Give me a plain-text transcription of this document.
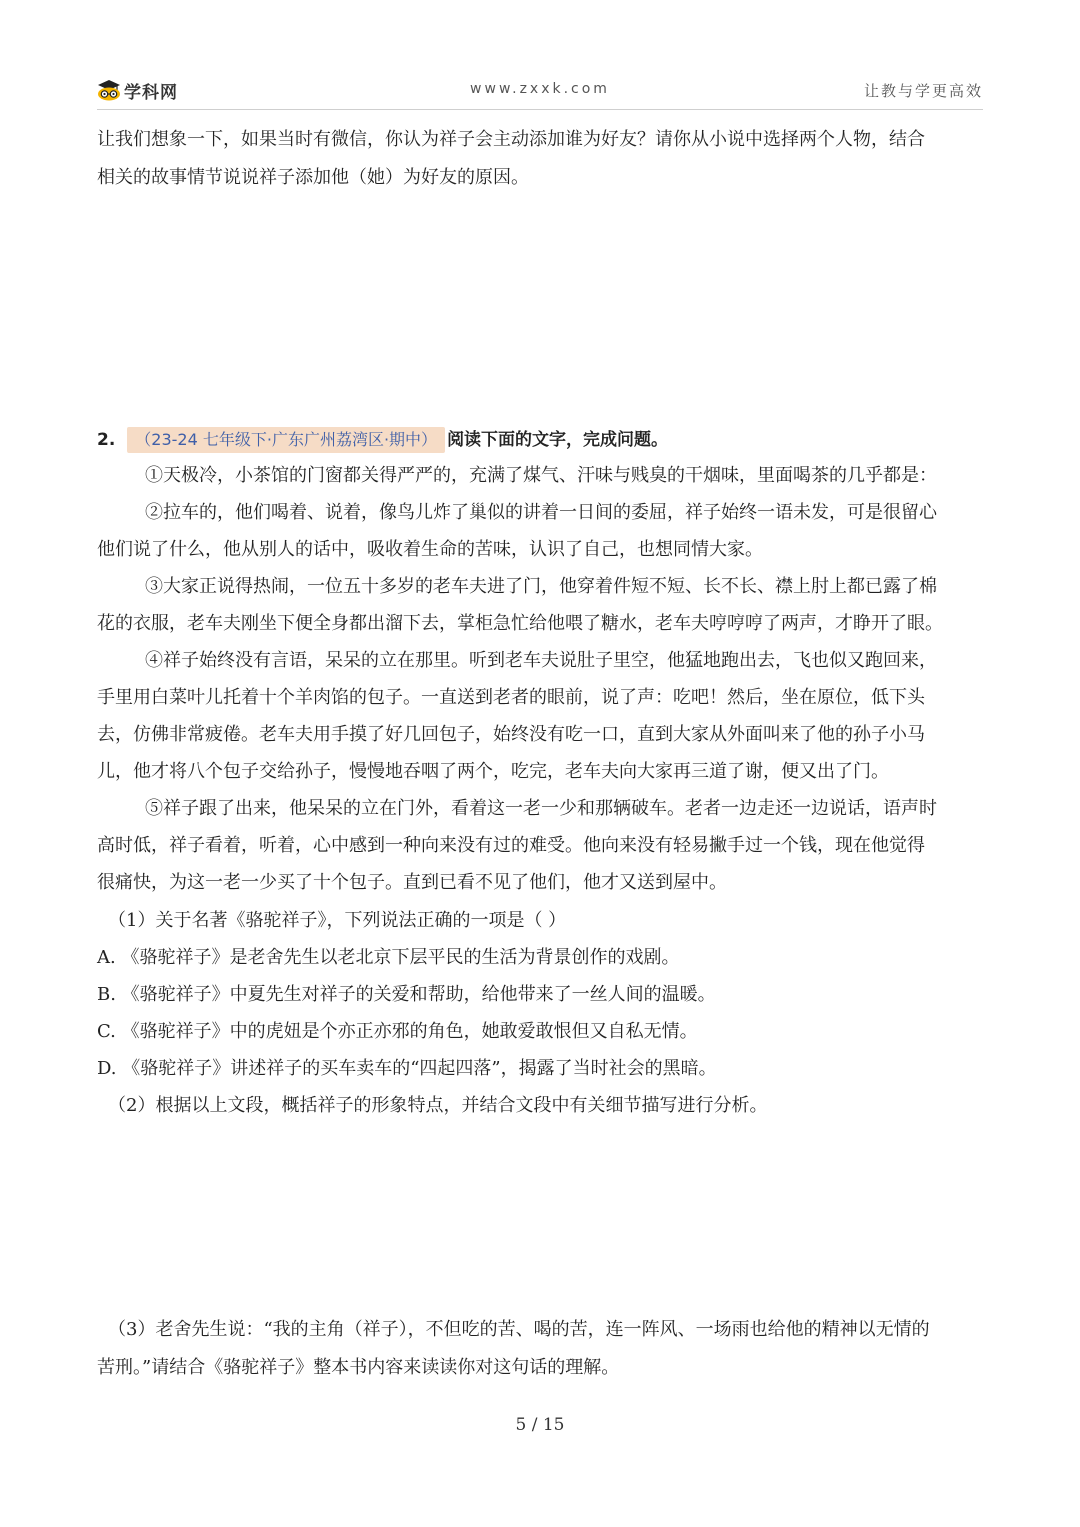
学科网	www.zxxk.com	让教与学更高效
让我们想象一下，如果当时有微信，你认为祥子会主动添加谁为好友？请你从小说中选择两个人物，结合
相关的故事情节说说祥子添加他（她）为好友的原因。
2. （23-24 七年级下·广东广州荔湾区·期中） 阅读下面的文字，完成问题。
①天极冷，小茶馆的门窗都关得严严的，充满了煤气、汗味与贱臭的干烟味，里面喝茶的几乎都是：
②拉车的，他们喝着、说着，像鸟儿炸了巢似的讲着一日间的委屈，祥子始终一语未发，可是很留心
他们说了什么，他从别人的话中，吸收着生命的苦味，认识了自己，也想同情大家。
③大家正说得热闹，一位五十多岁的老车夫进了门，他穿着件短不短、长不长、襟上肘上都已露了棉
花的衣服，老车夫刚坐下便全身都出溜下去，掌柜急忙给他喂了糖水，老车夫哼哼哼了两声，才睁开了眼。
④祥子始终没有言语，呆呆的立在那里。听到老车夫说肚子里空，他猛地跑出去，飞也似又跑回来，
手里用白菜叶儿托着十个羊肉馅的包子。一直送到老者的眼前，说了声：吃吧！然后，坐在原位，低下头
去，仿佛非常疲倦。老车夫用手摸了好几回包子，始终没有吃一口，直到大家从外面叫来了他的孙子小马
儿，他才将八个包子交给孙子，慢慢地吞咽了两个，吃完，老车夫向大家再三道了谢，便又出了门。
⑤祥子跟了出来，他呆呆的立在门外，看着这一老一少和那辆破车。老者一边走还一边说话，语声时
高时低，祥子看着，听着，心中感到一种向来没有过的难受。他向来没有轻易撇手过一个钱，现在他觉得
很痛快，为这一老一少买了十个包子。直到已看不见了他们，他才又送到屋中。
（1）关于名著《骆驼祥子》，下列说法正确的一项是（ ）
A. 《骆驼祥子》是老舍先生以老北京下层平民的生活为背景创作的戏剧。
B. 《骆驼祥子》中夏先生对祥子的关爱和帮助，给他带来了一丝人间的温暖。
C. 《骆驼祥子》中的虎妞是个亦正亦邪的角色，她敢爱敢恨但又自私无情。
D. 《骆驼祥子》讲述祥子的买车卖车的“四起四落”，揭露了当时社会的黑暗。
（2）根据以上文段，概括祥子的形象特点，并结合文段中有关细节描写进行分析。
（3）老舍先生说：“我的主角（祥子），不但吃的苦、喝的苦，连一阵风、一场雨也给他的精神以无情的
苦刑。”请结合《骆驼祥子》整本书内容来读读你对这句话的理解。
5 / 15
